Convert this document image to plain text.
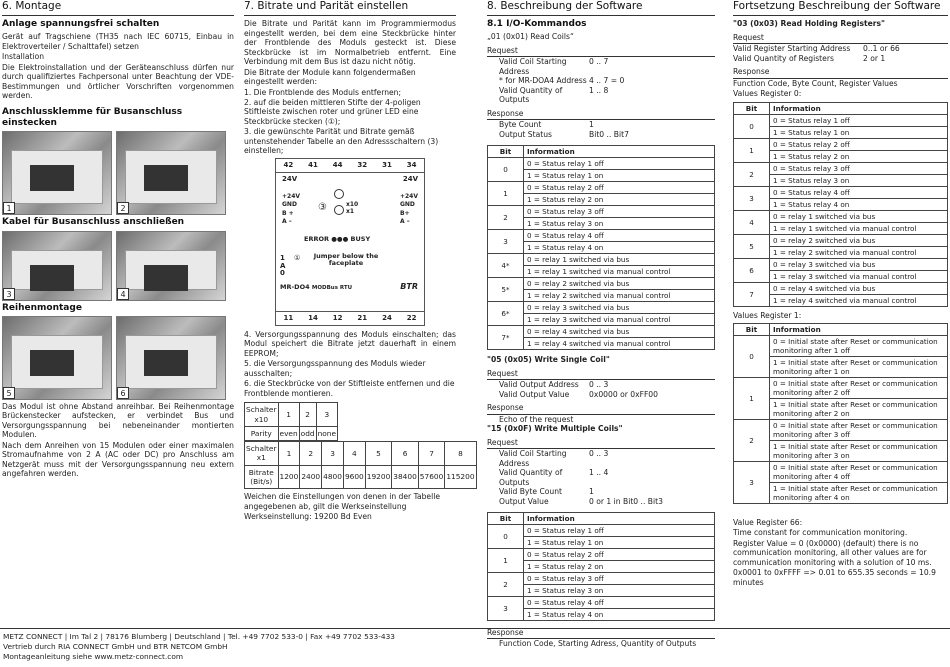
6. Montage
Anlage spannungsfrei schalten

Gerät auf Tragschiene (TH35 nach IEC 60715, Einbau in Elektroverteiler / Schalttafel) setzen

Installation

Die Elektroinstallation und der Geräteanschluss dürfen nur durch qualifiziertes Fachpersonal unter Beachtung der VDE-Bestimmungen und örtlicher Vorschriften vorgenommen werden.

Anschlussklemme für Busanschluss einstecken
1	2
Kabel für Busanschluss anschließen
3	4
Reihenmontage
5	6

Das Modul ist ohne Abstand anreihbar. Bei Reihenmontage Brückenstecker aufstecken, er verbindet Bus und Versorgungsspannung bei nebeneinander montierten Modulen.

Nach dem Anreihen von 15 Modulen oder einer maximalen Stromaufnahme von 2 A (AC oder DC) pro Anschluss am Netzgerät muss mit der Versorgungsspannung neu extern angefahren werden.

7. Bitrate und Parität einstellen

Die Bitrate und Parität kann im Programmiermodus eingestellt werden, bei dem eine Steckbrücke hinter der Frontblende des Moduls gesteckt ist. Diese Steckbrücke ist im Normalbetrieb entfernt. Eine Verbindung mit dem Bus ist dazu nicht nötig.

Die Bitrate der Module kann folgendermaßen eingestellt werden:

1. Die Frontblende des Moduls entfernen;

2. auf die beiden mittleren Stifte der 4-poligen Stiftleiste zwischen roter und grüner LED eine Steckbrücke stecken (①);

3. die gewünschte Parität und Bitrate gemäß untenstehender Tabelle an den Adressschaltern (3) einstellen;

42 41 44 32 31 34
24V	24V
+24V
GND
B +
A –
+24V
GND
B+
A –
x10
x1
③
ERROR ●●● BUSY
1
A
0
①	Jumper below the faceplate
MR-DO4 MODBus RTU	BTR
11 14 12 21 24 22

4. Versorgungsspannung des Moduls einschalten; das Modul speichert die Bitrate jetzt dauerhaft in einem EEPROM;

5. die Versorgungsspannung des Moduls wieder ausschalten;

6. die Steckbrücke von der Stiftleiste entfernen und die Frontblende montieren.

Schalter x10	1	2	3
Parity	even	odd	none
Schalter x1	1	2	3	4	5	6	7	8
Bitrate (Bit/s)	1200	2400	4800	9600	19200	38400	57600	115200

Weichen die Einstellungen von denen in der Tabelle angegebenen ab, gilt die Werkseinstellung

Werkseinstellung: 19200 Bd Even

8. Beschreibung der Software
8.1 I/O-Kommandos

„01 (0x01) Read Coils“

Request
Valid Coil Starting Address
0 .. 7
* for MR-DOA4 Address 4 .. 7 = 0
Valid Quantity of Outputs
1 .. 8
Response
Byte Count	1
Output Status	Bit0 .. Bit7
Bit	Information
0	0 = Status relay 1 off
	1 = Status relay 1 on
1	0 = Status relay 2 off
	1 = Status relay 2 on
2	0 = Status relay 3 off
	1 = Status relay 3 on
3	0 = Status relay 4 off
	1 = Status relay 4 on
4*	0 = relay 1 switched via bus
	1 = relay 1 switched via manual control
5*	0 = relay 2 switched via bus
	1 = relay 2 switched via manual control
6*	0 = relay 3 switched via bus
	1 = relay 3 switched via manual control
7*	0 = relay 4 switched via bus
	1 = relay 4 switched via manual control

"05 (0x05) Write Single Coil"

Request
Valid Output Address	0 .. 3
Valid Output Value	0x0000 or 0xFF00
Response
Echo of the request

"15 (0x0F) Write Multiple Coils"

Request
Valid Coil Starting Address
0 .. 3
Valid Quantity of Outputs
1 .. 4
Valid Byte Count	1
Output Value	0 or 1 in Bit0 .. Bit3
Bit	Information
0	0 = Status relay 1 off
	1 = Status relay 1 on
1	0 = Status relay 2 off
	1 = Status relay 2 on
2	0 = Status relay 3 off
	1 = Status relay 3 on
3	0 = Status relay 4 off
	1 = Status relay 4 on
Response
Function Code, Starting Adress, Quantity of Outputs
Fortsetzung Beschreibung der Software

"03 (0x03) Read Holding Registers"

Request
Valid Register Starting Address	0..1 or 66
Valid Quantity of Registers	2 or 1
Response

Function Code, Byte Count, Register Values

Values Register 0:

Bit	Information
0	0 = Status relay 1 off
	1 = Status relay 1 on
1	0 = Status relay 2 off
	1 = Status relay 2 on
2	0 = Status relay 3 off
	1 = Status relay 3 on
3	0 = Status relay 4 off
	1 = Status relay 4 on
4	0 = relay 1 switched via bus
	1 = relay 1 switched via manual control
5	0 = relay 2 switched via bus
	1 = relay 2 switched via manual control
6	0 = relay 3 switched via bus
	1 = relay 3 switched via manual control
7	0 = relay 4 switched via bus
	1 = relay 4 switched via manual control

Values Register 1:

Bit	Information
0	0 = Initial state after Reset or communication monitoring after 1 off
	1 = Initial state after Reset or communication monitoring after 1 on
1	0 = Initial state after Reset or communication monitoring after 2 off
	1 = Initial state after Reset or communication monitoring after 2 on
2	0 = Initial state after Reset or communication monitoring after 3 off
	1 = Initial state after Reset or communication monitoring after 3 on
3	0 = Initial state after Reset or communication monitoring after 4 off
	1 = Initial state after Reset or communication monitoring after 4 on

Value Register 66:

Time constant for communication monitoring.

Register Value = 0 (0x0000) (default) there is no communication monitoring, all other values are for communication monitoring with a solution of 10 ms.

0x0001 to 0xFFFF => 0.01 to 655.35 seconds = 10.9 minutes

METZ CONNECT | Im Tal 2 | 78176 Blumberg | Deutschland | Tel. +49 7702 533-0 | Fax +49 7702 533-433
Vertrieb durch RIA CONNECT GmbH und BTR NETCOM GmbH
Montageanleitung siehe www.metz-connect.com
